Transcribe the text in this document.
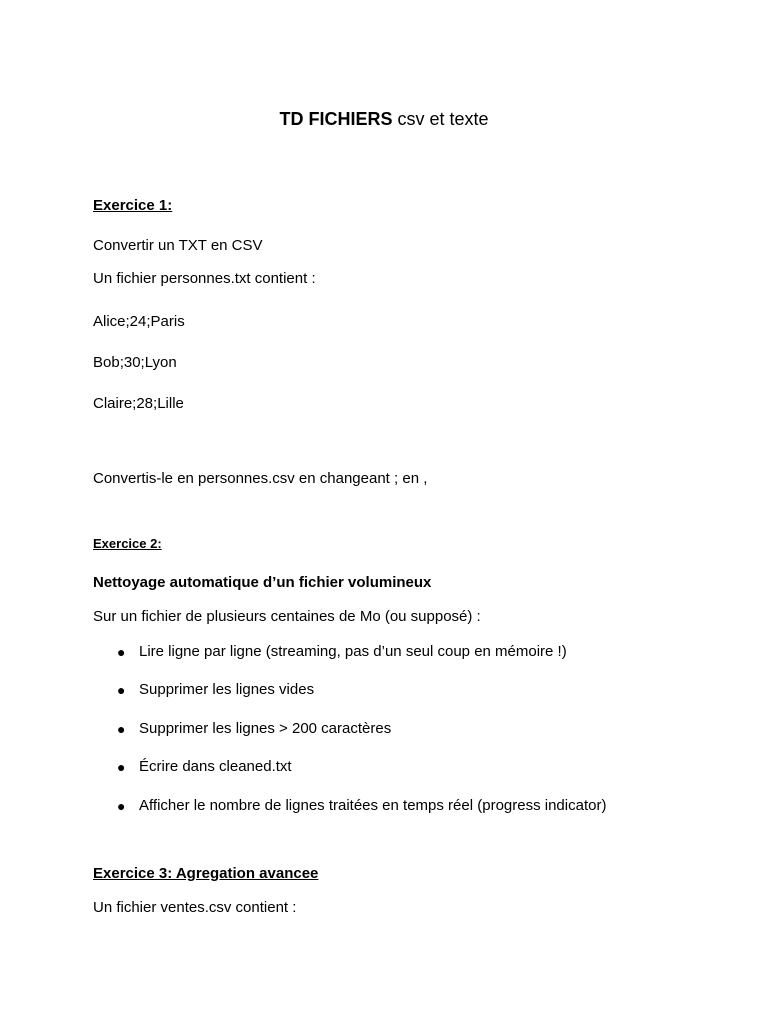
TD FICHIERS csv et texte
Exercice 1:
Convertir un TXT en CSV
Un fichier personnes.txt contient :
Alice;24;Paris
Bob;30;Lyon
Claire;28;Lille
Convertis-le en personnes.csv en changeant ; en ,
Exercice 2:
Nettoyage automatique d’un fichier volumineux
Sur un fichier de plusieurs centaines de Mo (ou supposé) :
● Lire ligne par ligne (streaming, pas d’un seul coup en mémoire !)
● Supprimer les lignes vides
● Supprimer les lignes > 200 caractères
● Écrire dans cleaned.txt
● Afficher le nombre de lignes traitées en temps réel (progress indicator)
Exercice 3: Agregation avancee
Un fichier ventes.csv contient :
